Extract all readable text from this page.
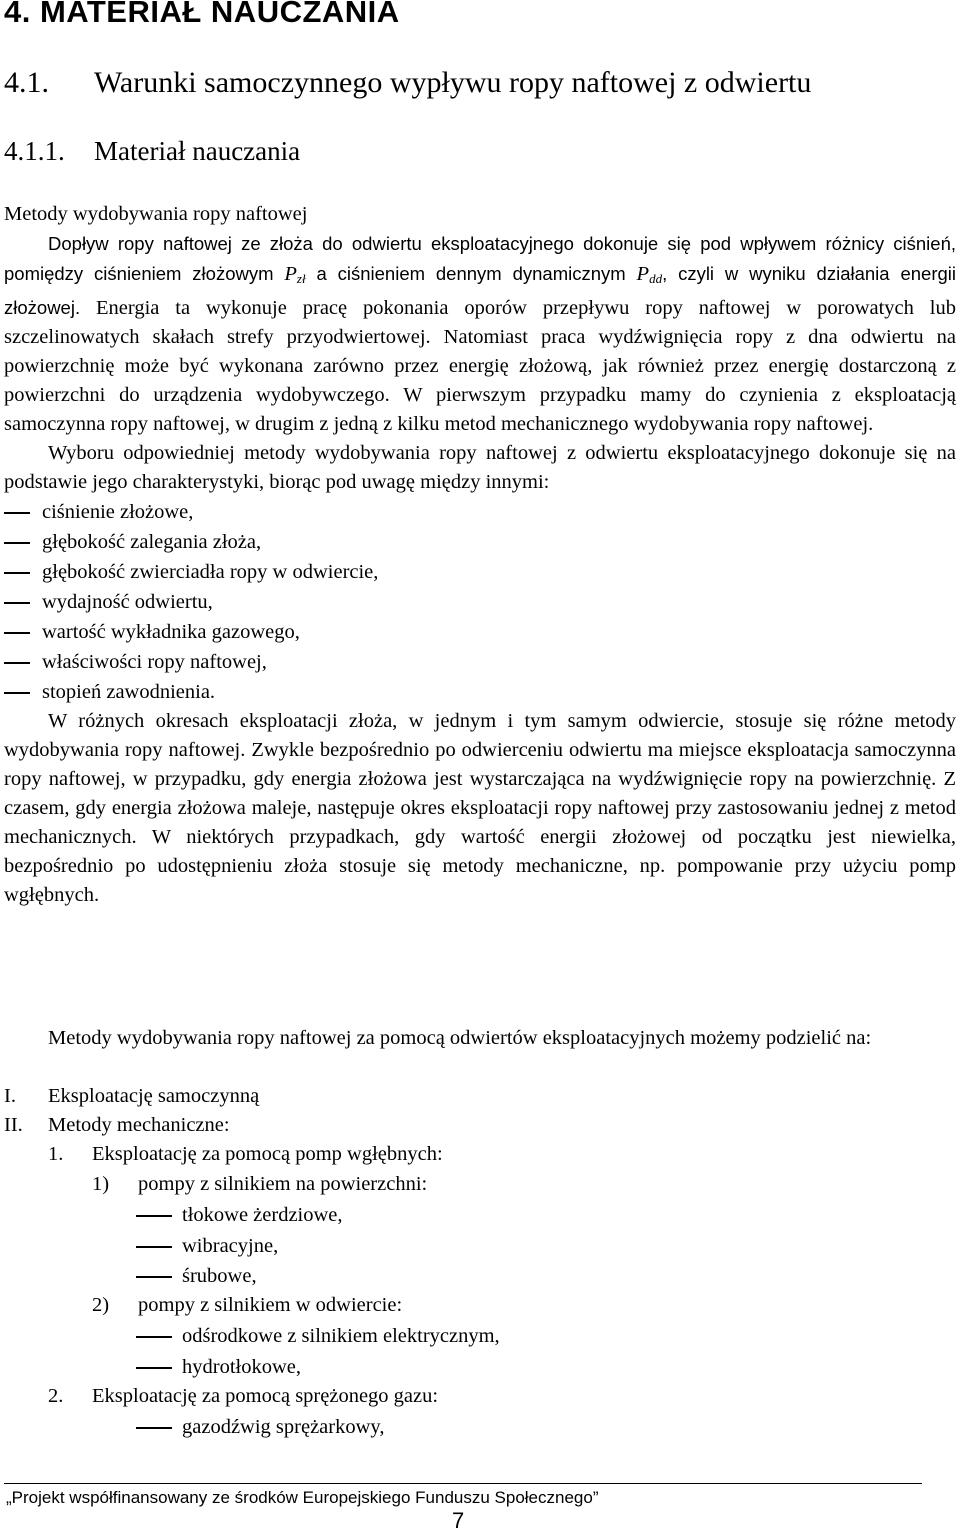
4. MATERIAŁ NAUCZANIA
4.1. Warunki samoczynnego wypływu ropy naftowej z odwiertu
4.1.1. Materiał nauczania

Metody wydobywania ropy naftowej

Dopływ ropy naftowej ze złoża do odwiertu eksploatacyjnego dokonuje się pod wpływem różnicy ciśnień, pomiędzy ciśnieniem złożowym $P_{zł}$ a ciśnieniem dennym dynamicznym $P_{dd}$, czyli w wyniku działania energii złożowej. Energia ta wykonuje pracę pokonania oporów przepływu ropy naftowej w porowatych lub szczelinowatych skałach strefy przyodwiertowej. Natomiast praca wydźwignięcia ropy z dna odwiertu na powierzchnię może być wykonana zarówno przez energię złożową, jak również przez energię dostarczoną z powierzchni do urządzenia wydobywczego. W pierwszym przypadku mamy do czynienia z eksploatacją samoczynna ropy naftowej, w drugim z jedną z kilku metod mechanicznego wydobywania ropy naftowej.

Wyboru odpowiedniej metody wydobywania ropy naftowej z odwiertu eksploatacyjnego dokonuje się na podstawie jego charakterystyki, biorąc pod uwagę między innymi:

ciśnienie złożowe,
głębokość zalegania złoża,
głębokość zwierciadła ropy w odwiercie,
wydajność odwiertu,
wartość wykładnika gazowego,
właściwości ropy naftowej,
stopień zawodnienia.

W różnych okresach eksploatacji złoża, w jednym i tym samym odwiercie, stosuje się różne metody wydobywania ropy naftowej. Zwykle bezpośrednio po odwierceniu odwiertu ma miejsce eksploatacja samoczynna ropy naftowej, w przypadku, gdy energia złożowa jest wystarczająca na wydźwignięcie ropy na powierzchnię. Z czasem, gdy energia złożowa maleje, następuje okres eksploatacji ropy naftowej przy zastosowaniu jednej z metod mechanicznych. W niektórych przypadkach, gdy wartość energii złożowej od początku jest niewielka, bezpośrednio po udostępnieniu złoża stosuje się metody mechaniczne, np. pompowanie przy użyciu pomp wgłębnych.

Metody wydobywania ropy naftowej za pomocą odwiertów eksploatacyjnych możemy podzielić na:

I. Eksploatację samoczynną
II. Metody mechaniczne:
1. Eksploatację za pomocą pomp wgłębnych:
1) pompy z silnikiem na powierzchni:
tłokowe żerdziowe,
wibracyjne,
śrubowe,
2) pompy z silnikiem w odwiercie:
odśrodkowe z silnikiem elektrycznym,
hydrotłokowe,
2. Eksploatację za pomocą sprężonego gazu:
gazodźwig sprężarkowy,
„Projekt współfinansowany ze środków Europejskiego Funduszu Społecznego”
7
